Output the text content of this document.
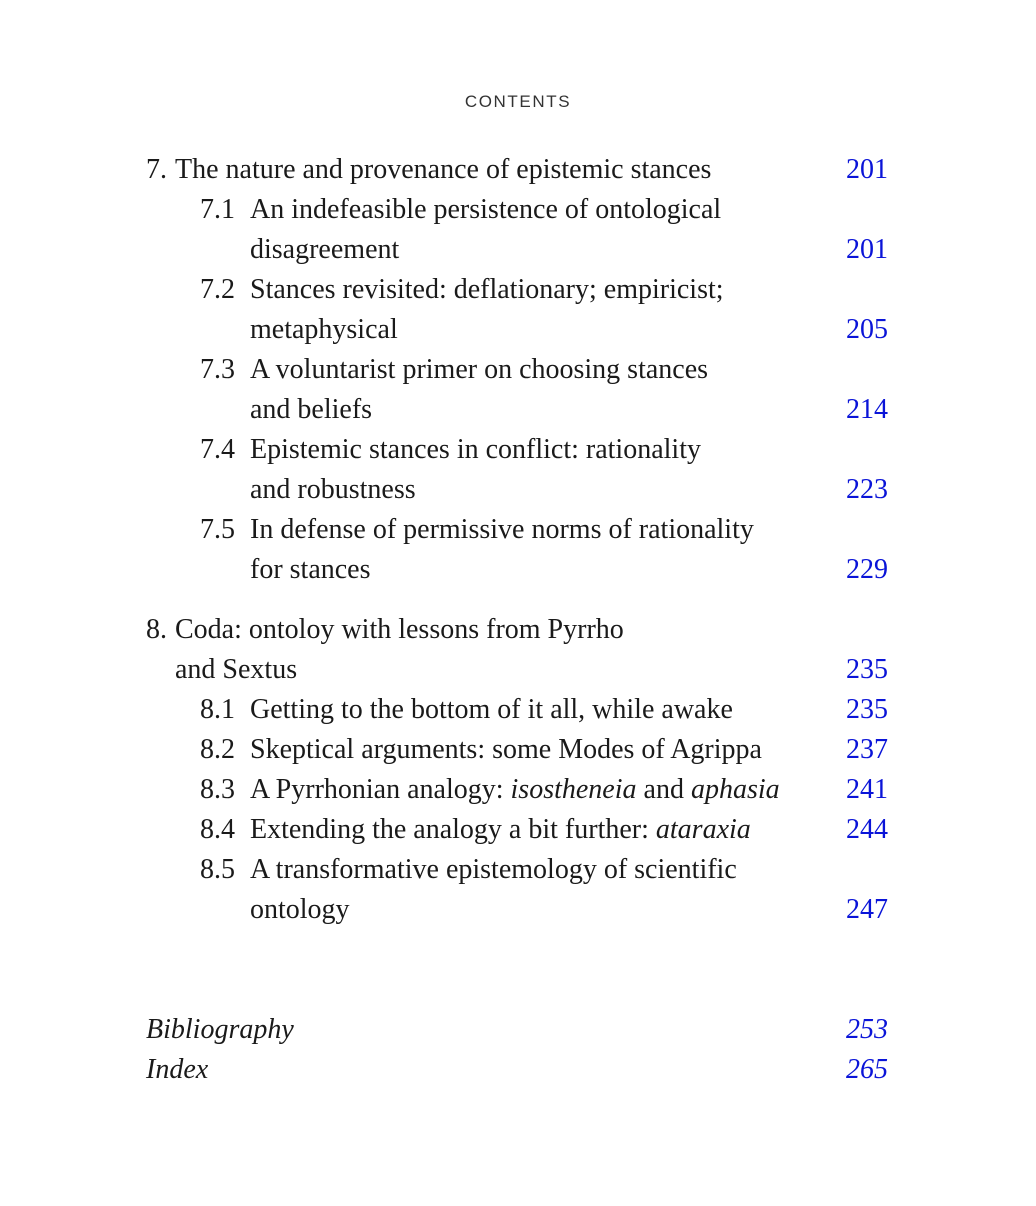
CONTENTS
7. The nature and provenance of epistemic stances	201
7.1 An indefeasible persistence of ontological
disagreement	201
7.2 Stances revisited: deflationary; empiricist;
metaphysical	205
7.3 A voluntarist primer on choosing stances
and beliefs	214
7.4 Epistemic stances in conflict: rationality
and robustness	223
7.5 In defense of permissive norms of rationality
for stances	229
8. Coda: ontoloy with lessons from Pyrrho
and Sextus	235
8.1 Getting to the bottom of it all, while awake	235
8.2 Skeptical arguments: some Modes of Agrippa	237
8.3 A Pyrrhonian analogy: isostheneia and aphasia 241
8.4 Extending the analogy a bit further: ataraxia	244
8.5 A transformative epistemology of scientific
ontology	247
Bibliography	253
Index	265
